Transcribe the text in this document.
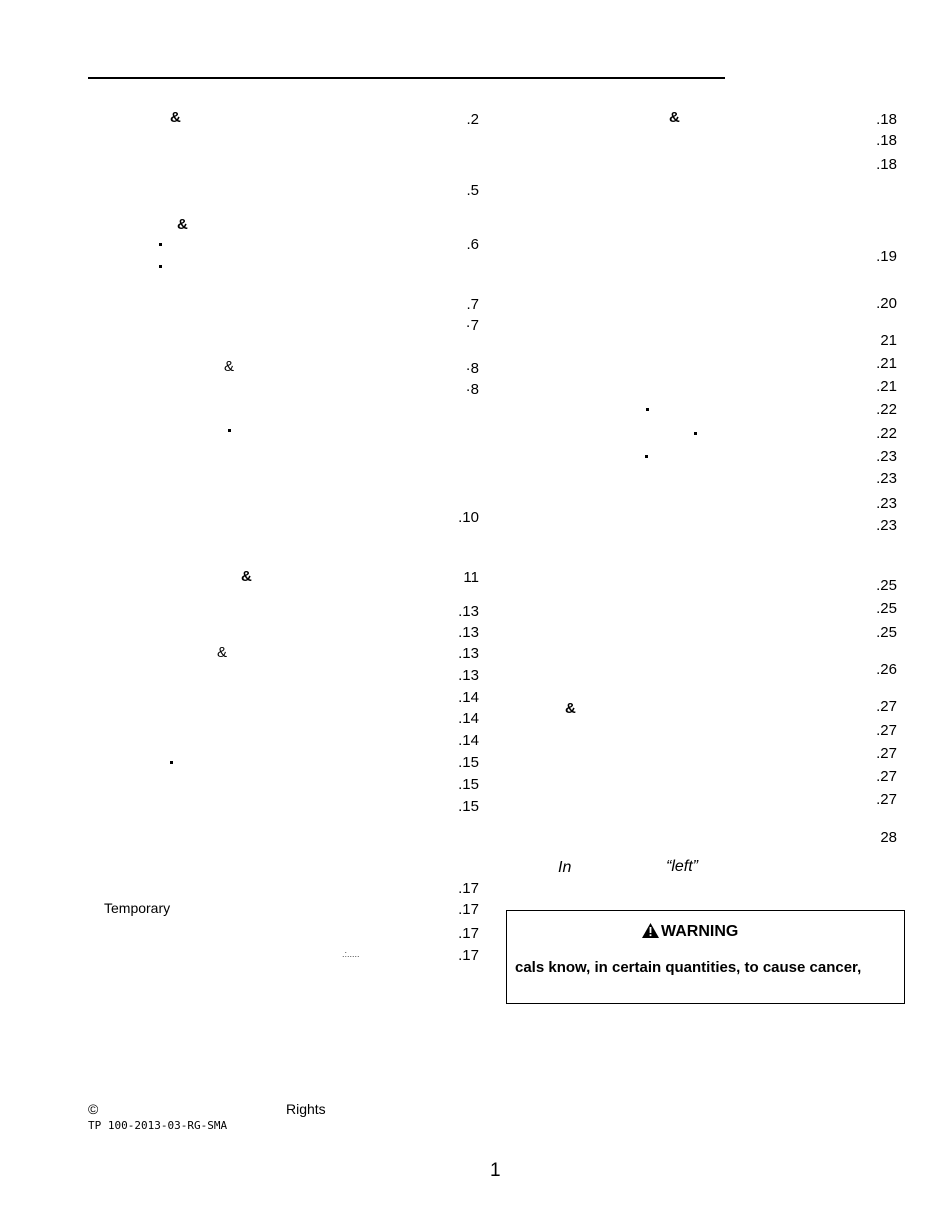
&
&
&
&
&
Temporary
.:.....
.2
.5
.6
.7
·7
·8
·8
.10
11
.13
.13
.13
.13
.14
.14
.14
.15
.15
.15
.17
.17
.17
.17
&
&
.18
.18
.18
.19
.20
21
.21
.21
.22
.22
.23
.23
.23
.23
.25
.25
.25
.26
.27
.27
.27
.27
.27
28
In	“left”
WARNING
cals know, in certain quantities, to cause cancer,
©	Rights
TP 100-2013-03-RG-SMA
1
